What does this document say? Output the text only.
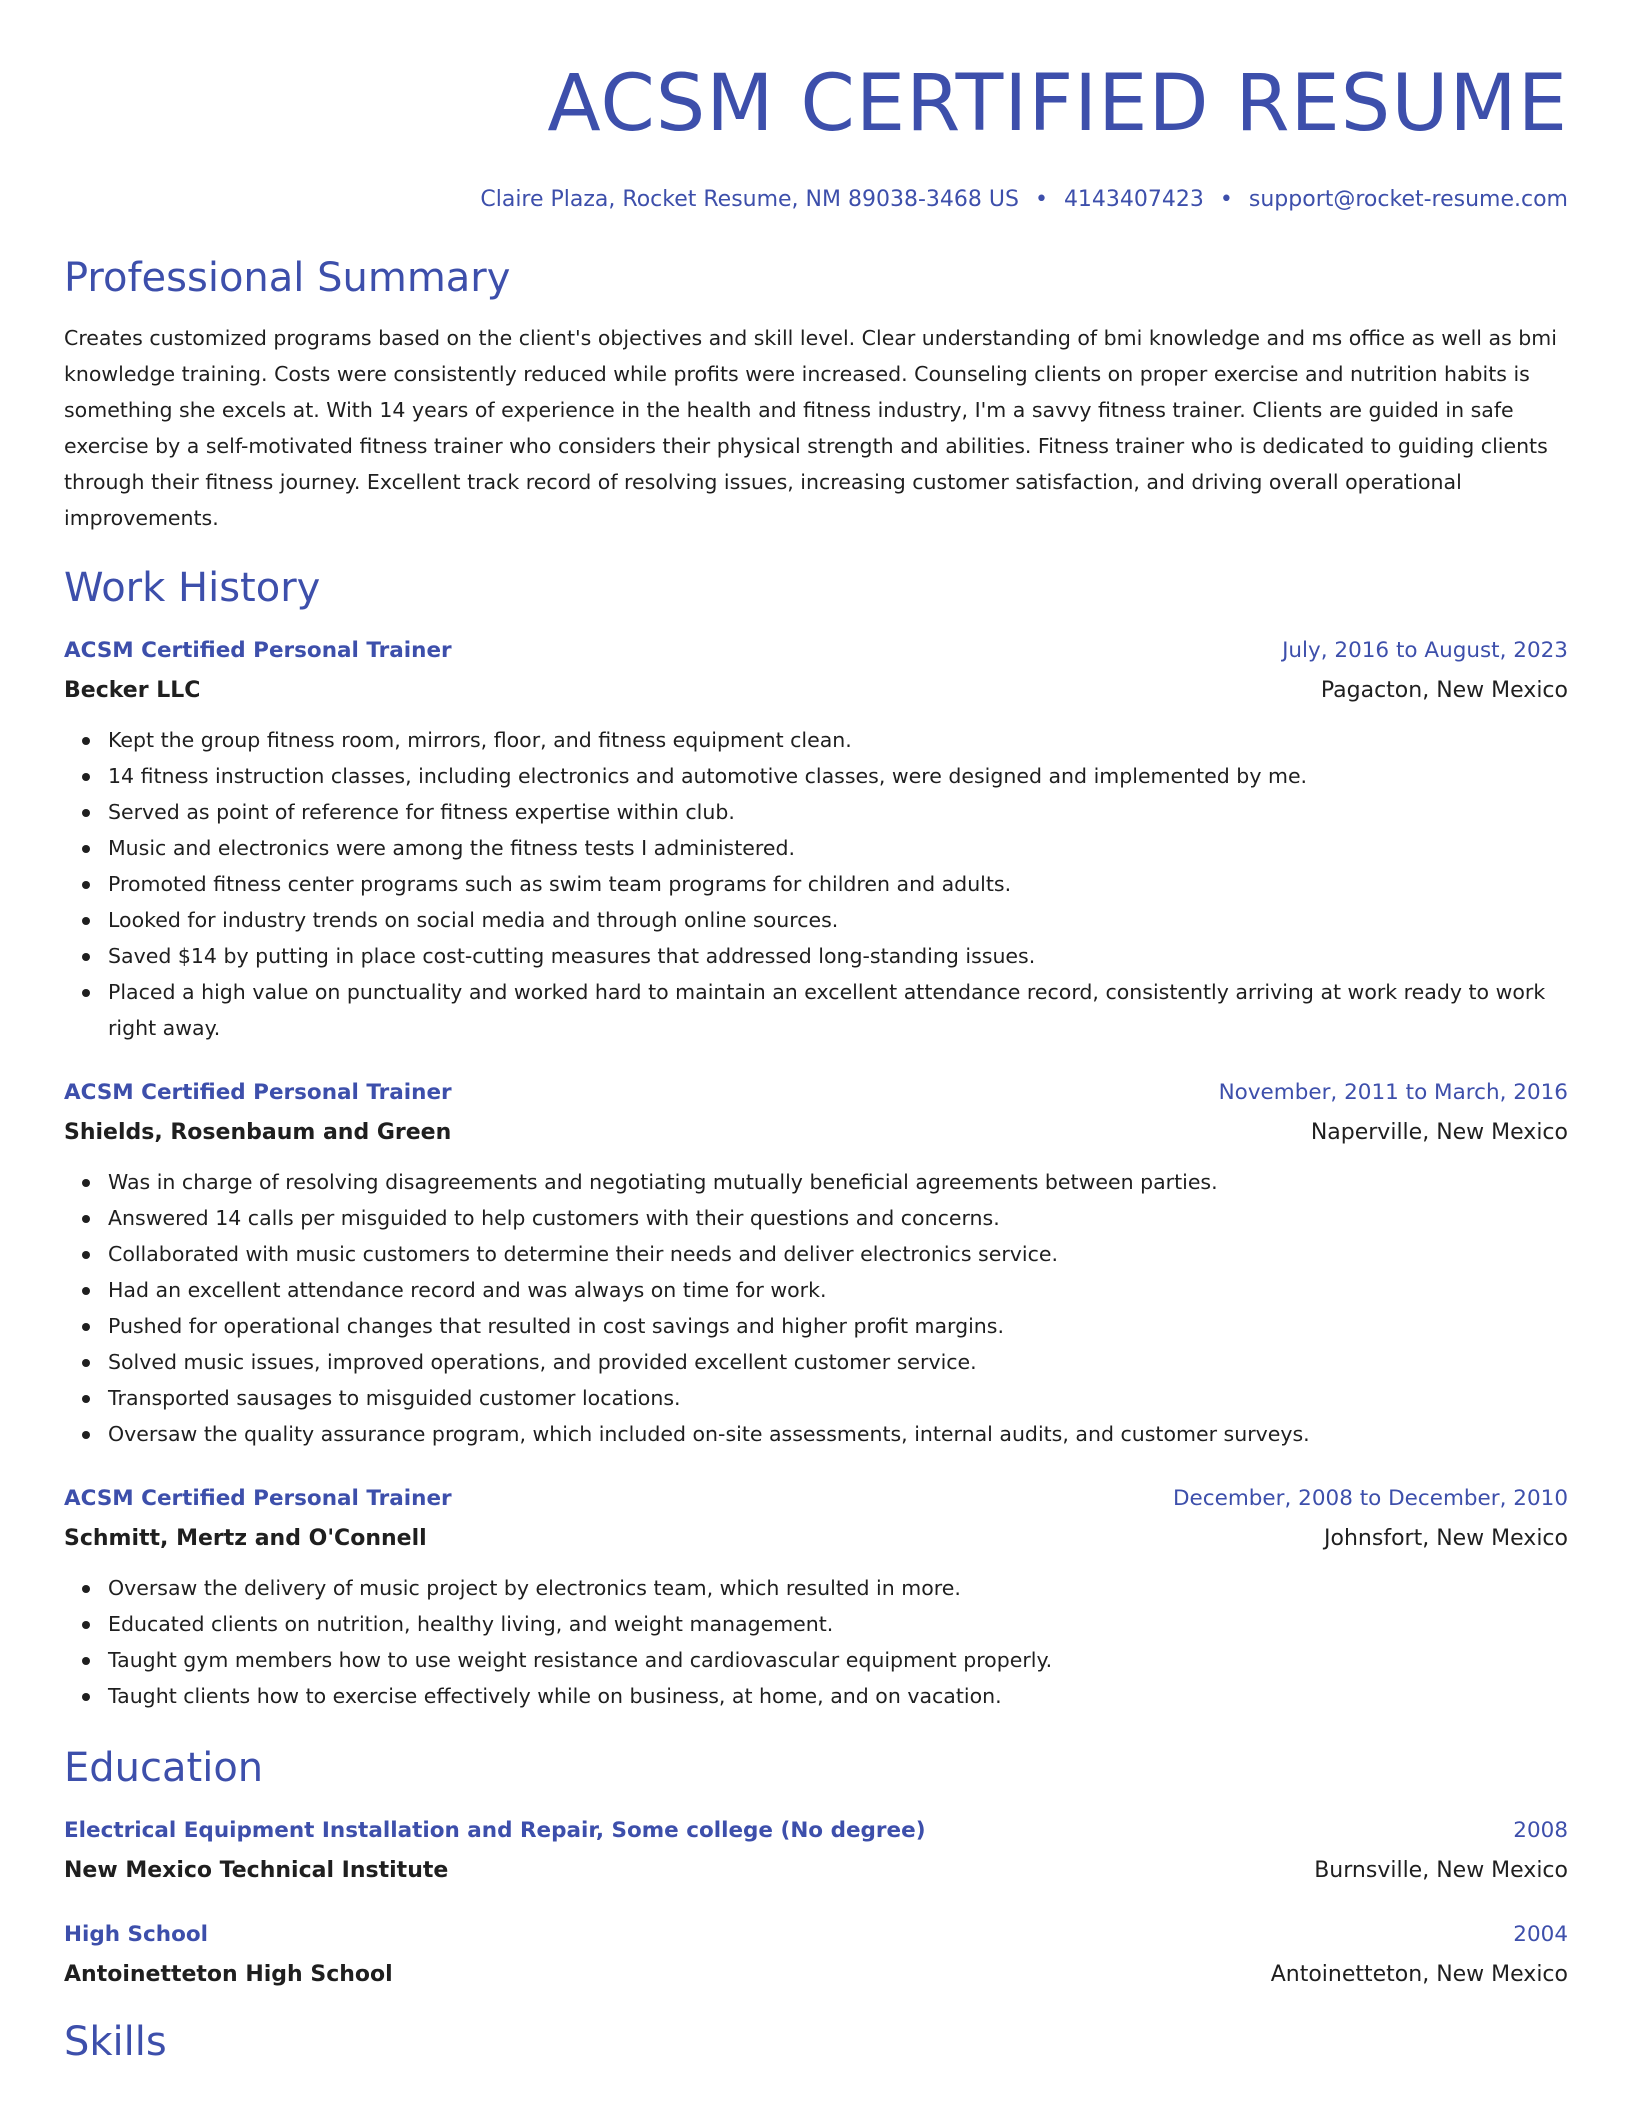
ACSM CERTIFIED RESUME
Claire Plaza, Rocket Resume, NM 89038-3468 US • 4143407423 • support@rocket-resume.com
Professional Summary

Creates customized programs based on the client's objectives and skill level. Clear understanding of bmi knowledge and ms office as well as bmi knowledge training. Costs were consistently reduced while profits were increased. Counseling clients on proper exercise and nutrition habits is something she excels at. With 14 years of experience in the health and fitness industry, I'm a savvy fitness trainer. Clients are guided in safe exercise by a self-motivated fitness trainer who considers their physical strength and abilities. Fitness trainer who is dedicated to guiding clients through their fitness journey. Excellent track record of resolving issues, increasing customer satisfaction, and driving overall operational improvements.

Work History
ACSM Certified Personal Trainer	July, 2016 to August, 2023
Becker LLC	Pagacton, New Mexico
Kept the group fitness room, mirrors, floor, and fitness equipment clean.
14 fitness instruction classes, including electronics and automotive classes, were designed and implemented by me.
Served as point of reference for fitness expertise within club.
Music and electronics were among the fitness tests I administered.
Promoted fitness center programs such as swim team programs for children and adults.
Looked for industry trends on social media and through online sources.
Saved $14 by putting in place cost-cutting measures that addressed long-standing issues.
Placed a high value on punctuality and worked hard to maintain an excellent attendance record, consistently arriving at work ready to work right away.
ACSM Certified Personal Trainer	November, 2011 to March, 2016
Shields, Rosenbaum and Green	Naperville, New Mexico
Was in charge of resolving disagreements and negotiating mutually beneficial agreements between parties.
Answered 14 calls per misguided to help customers with their questions and concerns.
Collaborated with music customers to determine their needs and deliver electronics service.
Had an excellent attendance record and was always on time for work.
Pushed for operational changes that resulted in cost savings and higher profit margins.
Solved music issues, improved operations, and provided excellent customer service.
Transported sausages to misguided customer locations.
Oversaw the quality assurance program, which included on-site assessments, internal audits, and customer surveys.
ACSM Certified Personal Trainer	December, 2008 to December, 2010
Schmitt, Mertz and O'Connell	Johnsfort, New Mexico
Oversaw the delivery of music project by electronics team, which resulted in more.
Educated clients on nutrition, healthy living, and weight management.
Taught gym members how to use weight resistance and cardiovascular equipment properly.
Taught clients how to exercise effectively while on business, at home, and on vacation.
Education
Electrical Equipment Installation and Repair, Some college (No degree)	2008
New Mexico Technical Institute	Burnsville, New Mexico
High School	2004
Antoinetteton High School	Antoinetteton, New Mexico
Skills
